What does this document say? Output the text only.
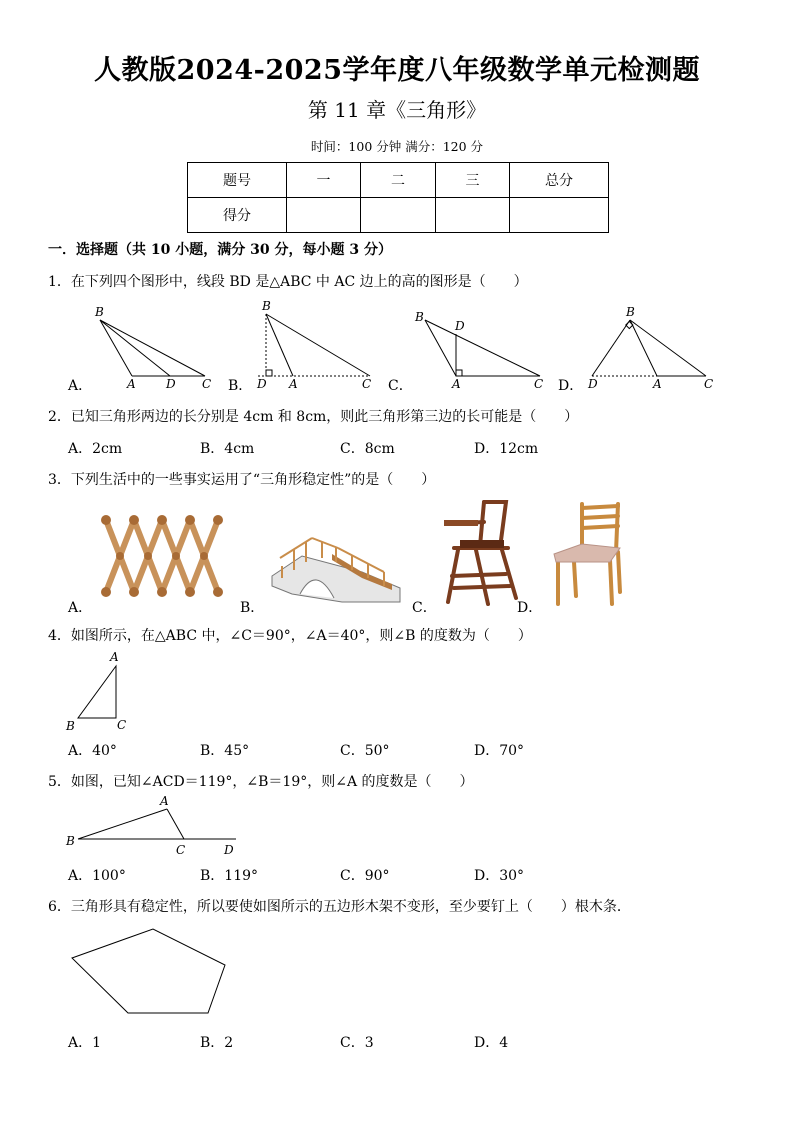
人教版2024-2025学年度八年级数学单元检测题
第 11 章《三角形》
时间：100 分钟 满分：120 分
题号	一	二	三	总分
得分				
一．选择题（共 10 小题，满分 30 分，每小题 3 分）
1．在下列四个图形中，线段 BD 是△ABC 中 AC 边上的高的图形是（　　）
B
A	D C
B
D A	C
B
D
A	C
B
D	A	C
A．	B．	C．	D．
2．已知三角形两边的长分别是 4cm 和 8cm，则此三角形第三边的长可能是（　　）
A．2cm	B．4cm	C．8cm	D．12cm
3．下列生活中的一些事实运用了“三角形稳定性”的是（　　）
A．	B．	C．	D．
4．如图所示，在△ABC 中，∠C＝90°，∠A＝40°，则∠B 的度数为（　　）
A
B	C
A．40°	B．45°	C．50°	D．70°
5．如图，已知∠ACD＝119°，∠B＝19°，则∠A 的度数是（　　）
A
B
C	D
A．100°	B．119°	C．90°	D．30°
6．三角形具有稳定性，所以要使如图所示的五边形木架不变形，至少要钉上（　　）根木条．
A．1	B．2	C．3	D．4
